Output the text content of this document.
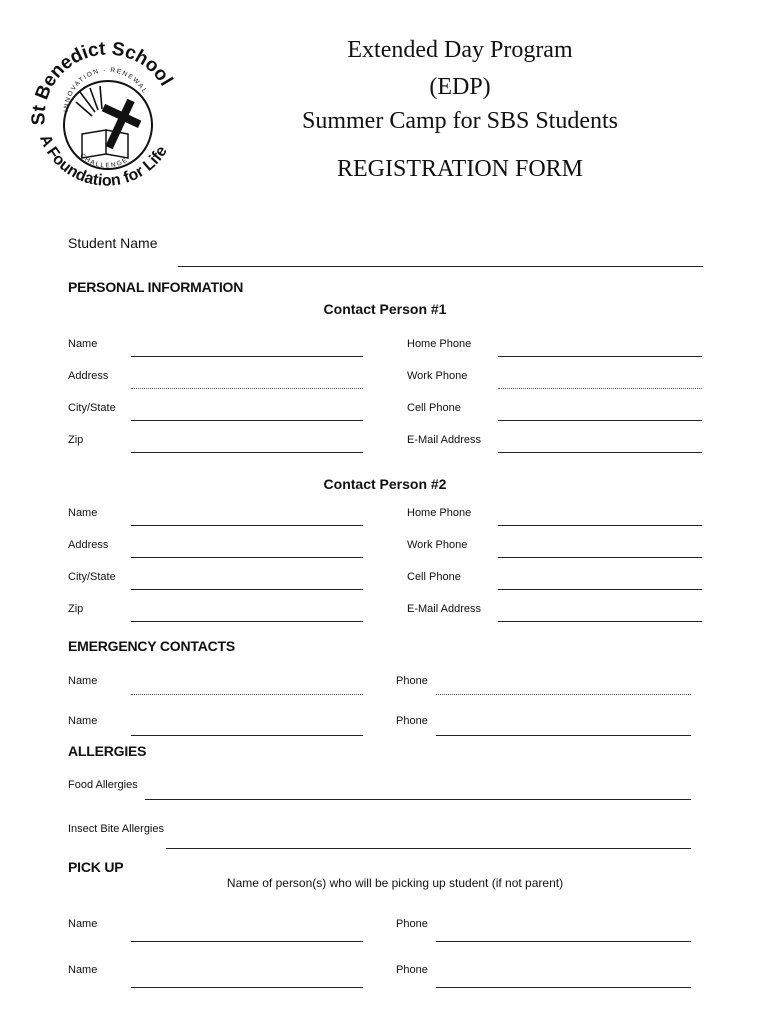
St Benedict School
A Foundation for Life
INNOVATION · RENEWAL
CHALLENGE
Extended Day Program
(EDP)
Summer Camp for SBS Students
REGISTRATION FORM
Student Name
PERSONAL INFORMATION
Contact Person #1
Name	Home Phone
Address	Work Phone
City/State	Cell Phone
Zip	E-Mail Address
Contact Person #2
Name	Home Phone
Address	Work Phone
City/State	Cell Phone
Zip	E-Mail Address
EMERGENCY CONTACTS
Name	Phone
Name	Phone
ALLERGIES
Food Allergies
Insect Bite Allergies
PICK UP
Name of person(s) who will be picking up student (if not parent)
Name	Phone
Name	Phone
